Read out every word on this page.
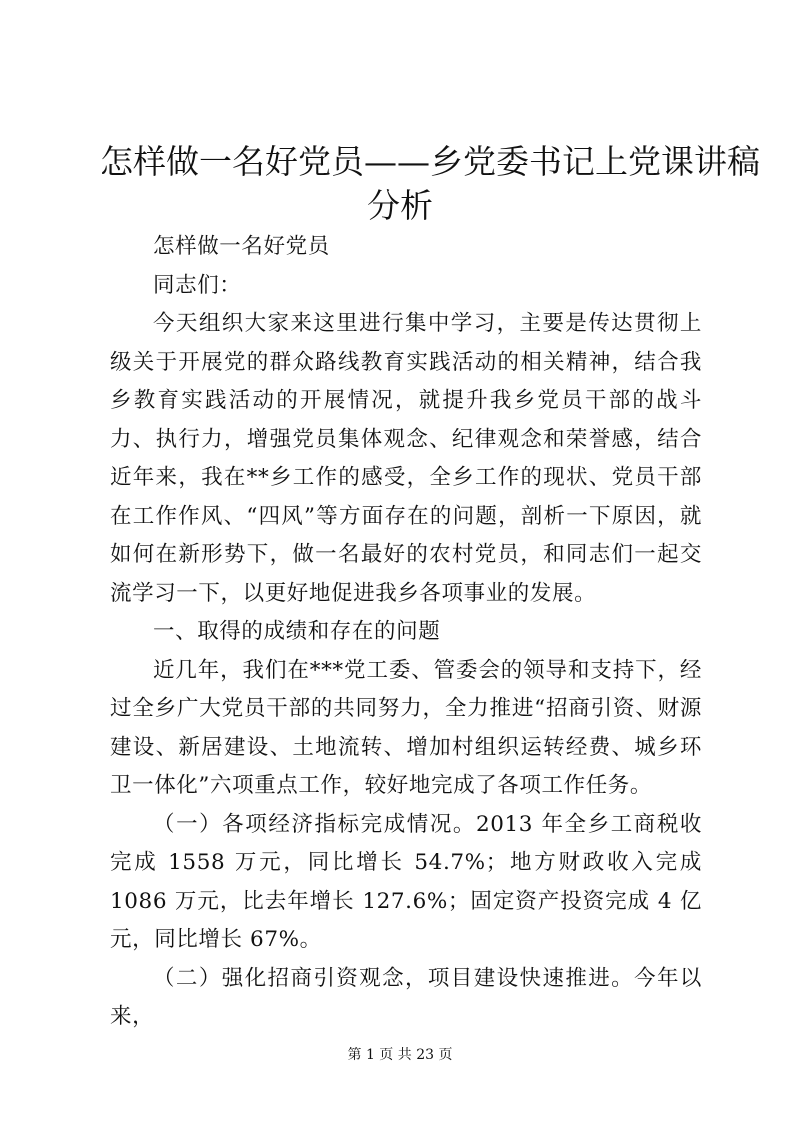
怎样做一名好党员——乡党委书记上党课讲稿
分析

怎样做一名好党员

同志们：

今天组织大家来这里进行集中学习，主要是传达贯彻上级关于开展党的群众路线教育实践活动的相关精神，结合我乡教育实践活动的开展情况，就提升我乡党员干部的战斗力、执行力，增强党员集体观念、纪律观念和荣誉感，结合近年来，我在**乡工作的感受，全乡工作的现状、党员干部在工作作风、“四风”等方面存在的问题，剖析一下原因，就如何在新形势下，做一名最好的农村党员，和同志们一起交流学习一下，以更好地促进我乡各项事业的发展。

一、取得的成绩和存在的问题

近几年，我们在***党工委、管委会的领导和支持下，经过全乡广大党员干部的共同努力，全力推进“招商引资、财源建设、新居建设、土地流转、增加村组织运转经费、城乡环卫一体化”六项重点工作，较好地完成了各项工作任务。

（一）各项经济指标完成情况。2013 年全乡工商税收完成 1558 万元，同比增长 54.7%；地方财政收入完成 1086 万元，比去年增长 127.6%；固定资产投资完成 4 亿元，同比增长 67%。

（二）强化招商引资观念，项目建设快速推进。今年以来，

第 1 页 共 23 页
